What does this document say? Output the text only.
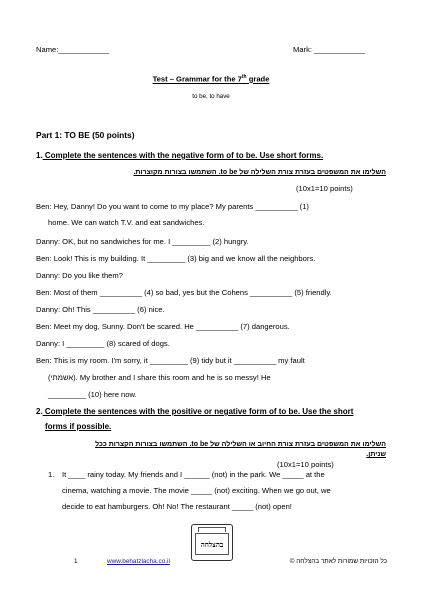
Name:____________	Mark: ____________
Test – Grammar for the 7th grade
to be, to have
Part 1: TO BE (50 points)
1. Complete the sentences with the negative form of to be. Use short forms.
השלימו את המשפטים בעזרת צורת השלילה של to be. השתמשו בצורות מקוצרות.
(10x1=10 points)
Ben: Hey, Danny! Do you want to come to my place? My parents __________ (1)
home. We can watch T.V. and eat sandwiches.
Danny: OK, but no sandwiches for me. I _________ (2) hungry.
Ben: Look! This is my building. It _________ (3) big and we know all the neighbors.
Danny: Do you like them?
Ben: Most of them __________ (4) so bad, yes but the Cohens __________ (5) friendly.
Danny: Oh! This __________ (6) nice.
Ben: Meet my dog, Sunny. Don't be scared. He __________ (7) dangerous.
Danny: I _________ (8) scared of dogs.
Ben: This is my room. I'm sorry, it _________ (9) tidy but it __________ my fault
(אשמתי). My brother and I share this room and he is so messy! He
_________ (10) here now.
2. Complete the sentences with the positive or negative form of to be. Use the short
forms if possible.
השלימו את המשפטים בעזרת צורת החיוב או השלילה של to be. השתמשו בצורות הקצרות ככל
שניתן.
(10x1=10 points)
1. It ____ rainy today. My friends and I ______ (not) in the park. We _____ at the
cinema, watching a movie. The movie _____ (not) exciting. When we go out, we
decide to eat hamburgers. Oh! No! The restaurant _____ (not) open!
בהצלחה
1	www.behatzlacha.co.il	כל הזכויות שמורות לאתר בהצלחה ©
